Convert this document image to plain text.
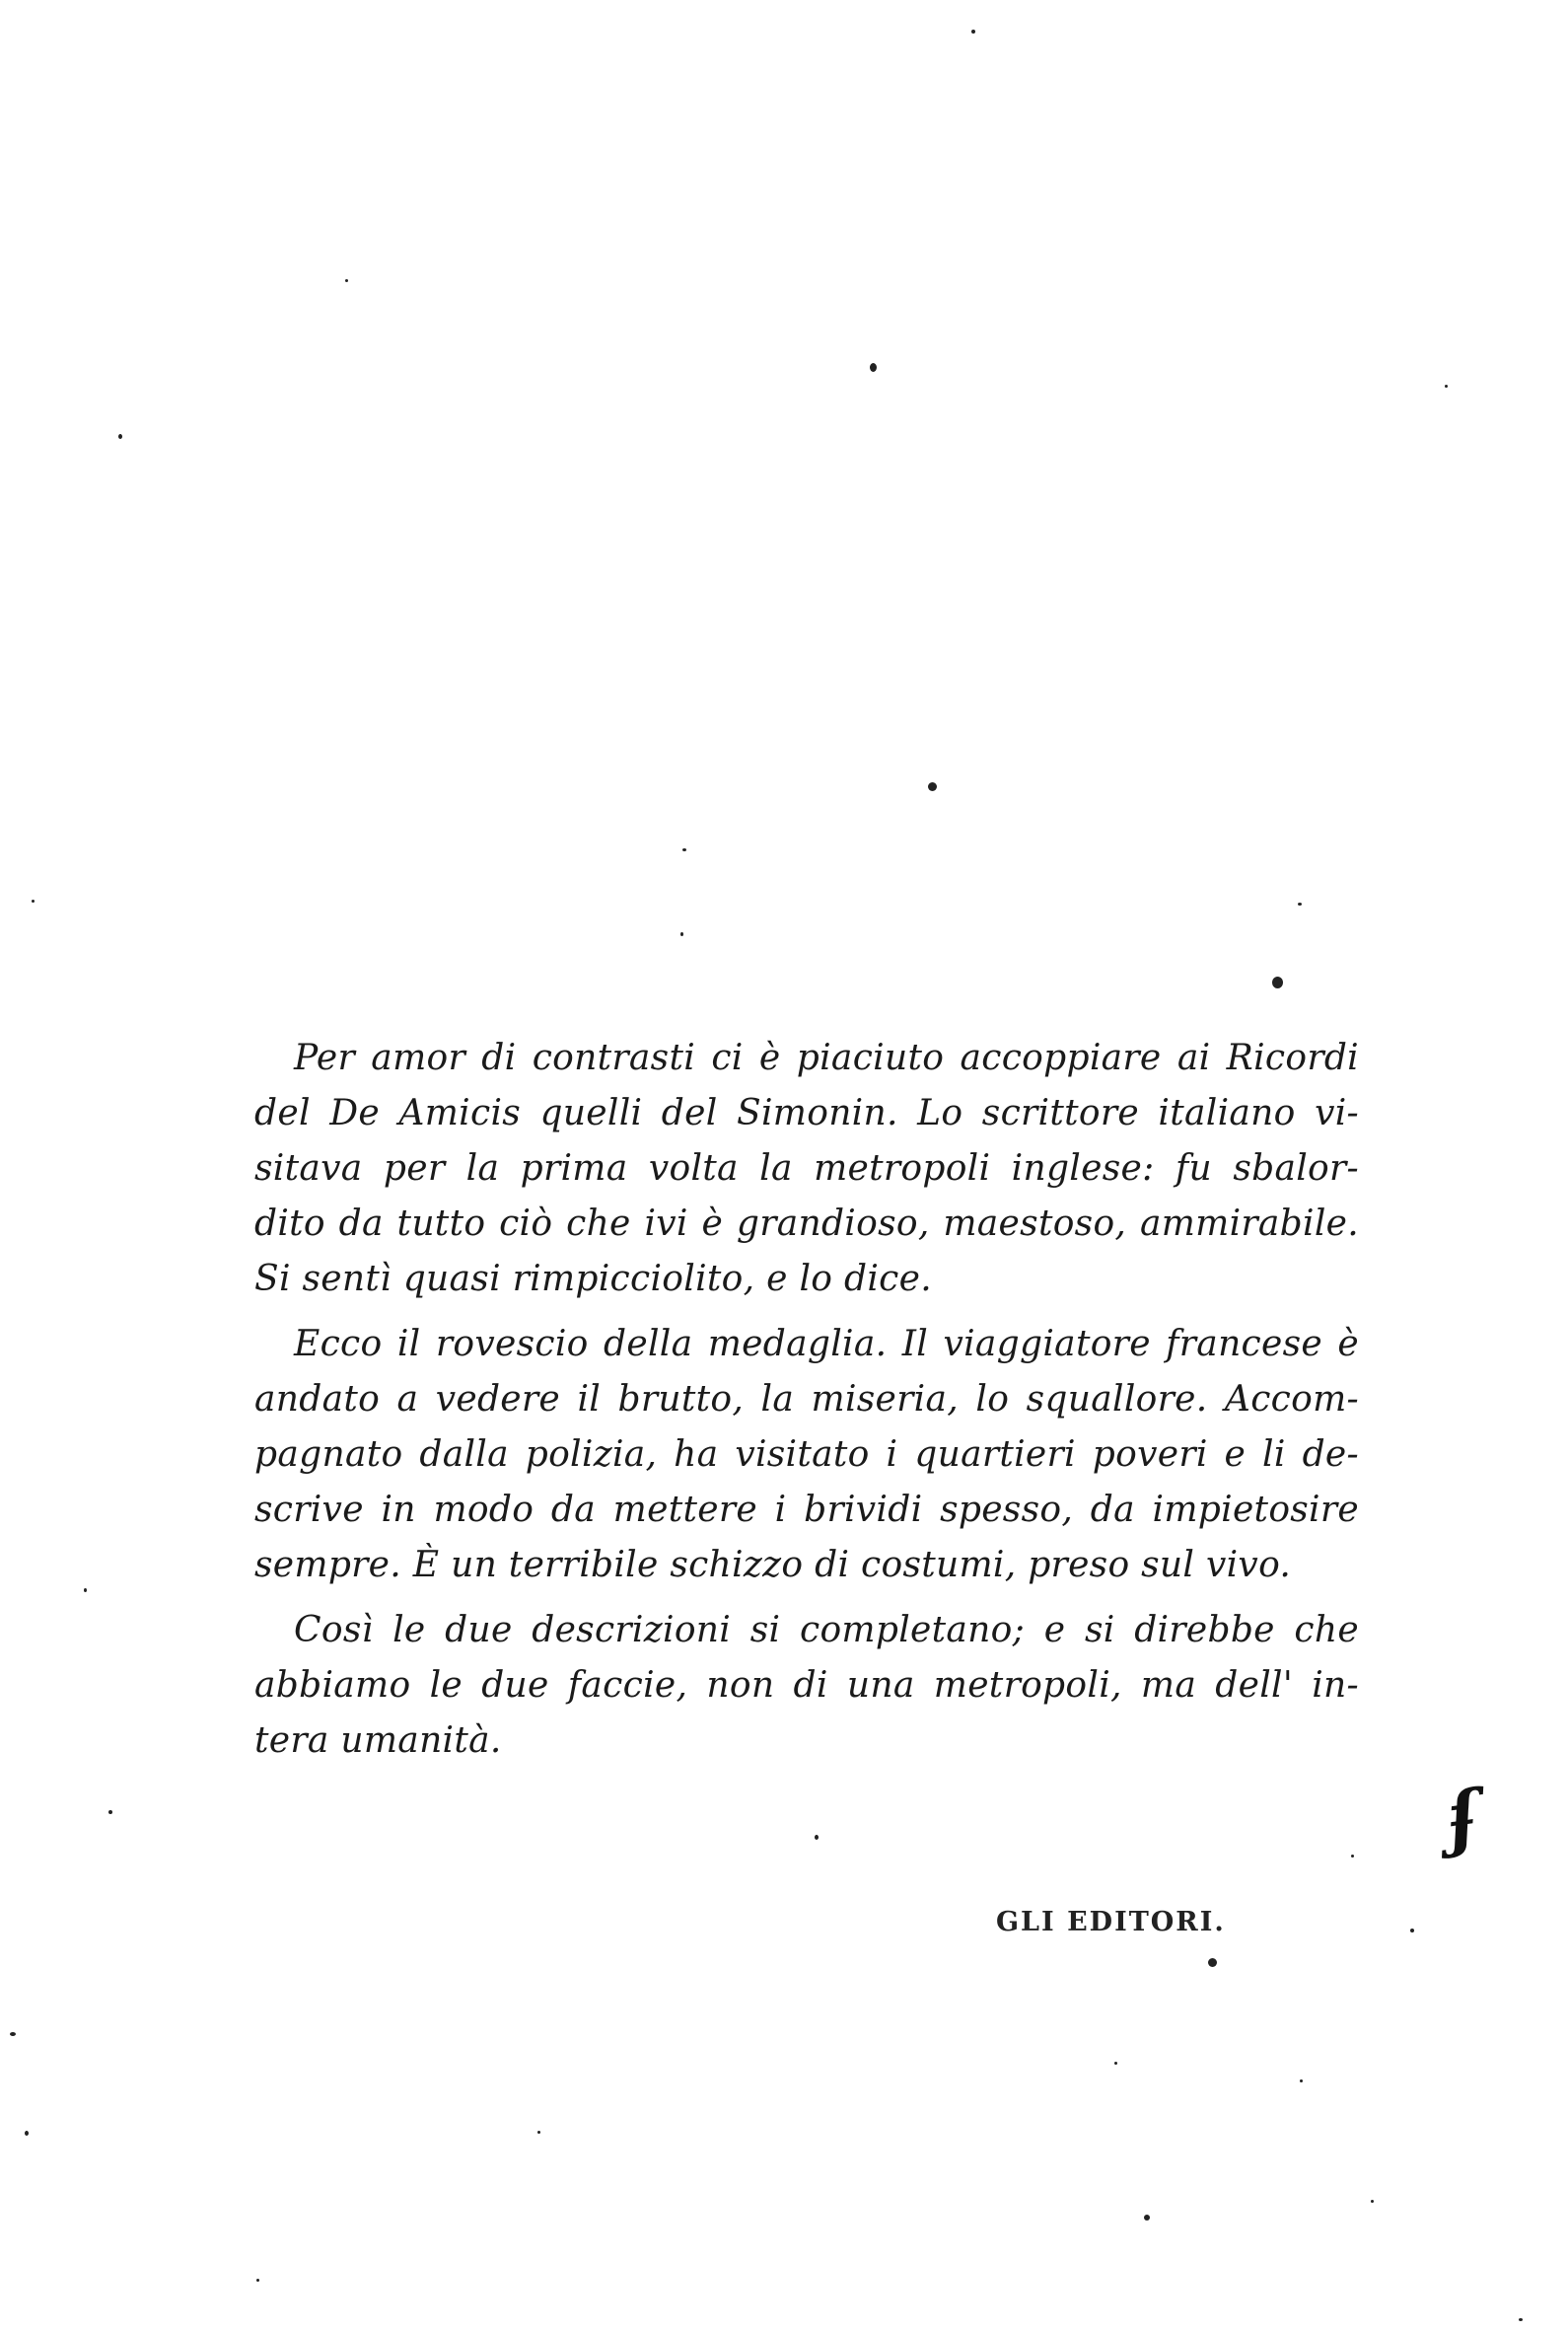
Per amor di contrasti ci è piaciuto accoppiare ai Ricordi
del De Amicis quelli del Simonin. Lo scrittore italiano vi-
sitava per la prima volta la metropoli inglese: fu sbalor-
dito da tutto ciò che ivi è grandioso, maestoso, ammirabile.
Si sentì quasi rimpicciolito, e lo dice.
Ecco il rovescio della medaglia. Il viaggiatore francese è
andato a vedere il brutto, la miseria, lo squallore. Accom-
pagnato dalla polizia, ha visitato i quartieri poveri e li de-
scrive in modo da mettere i brividi spesso, da impietosire
sempre. È un terribile schizzo di costumi, preso sul vivo.
Così le due descrizioni si completano; e si direbbe che
abbiamo le due faccie, non di una metropoli, ma dell' in-
tera umanità.
GLI EDITORI.
ʄ
